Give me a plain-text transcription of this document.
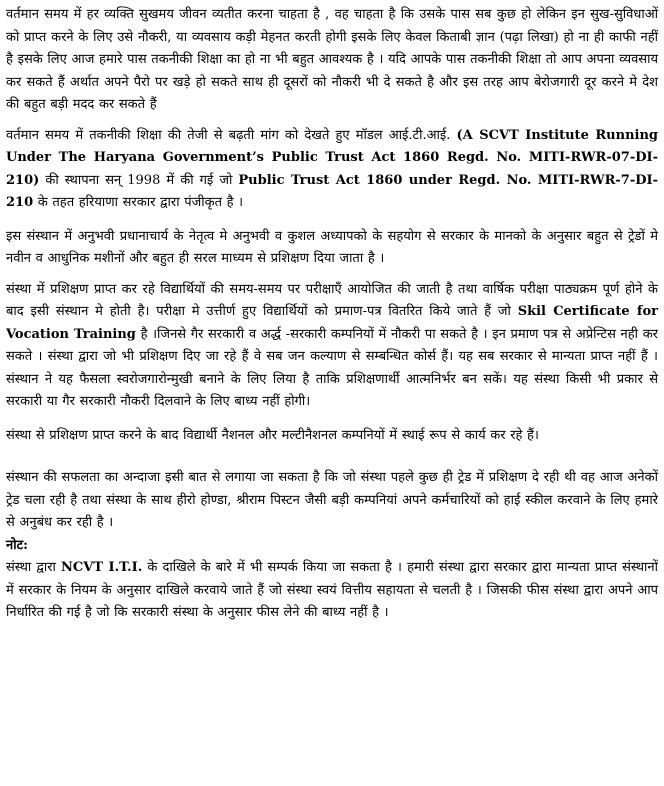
वर्तमान समय में हर व्यक्ति सुखमय जीवन व्यतीत करना चाहता है , वह चाहता है कि उसके पास सब कुछ हो लेकिन इन सुख-सुविधाओं को प्राप्त करने के लिए उसे नौकरी, या व्यवसाय कड़ी मेहनत करती होगी इसके लिए केवल किताबी ज्ञान (पढ़ा लिखा) हो ना ही काफी नहीं है इसके लिए आज हमारे पास तकनीकी शिक्षा का हो ना भी बहुत आवश्यक है । यदि आपके पास तकनीकी शिक्षा तो आप अपना व्यवसाय कर सकते हैं अर्थात अपने पैरो पर खड़े हो सकते साथ ही दूसरों को नौकरी भी दे सकते है और इस तरह आप बेरोजगारी दूर करने मे देश की बहुत बड़ी मदद कर सकते हैं

वर्तमान समय में तकनीकी शिक्षा की तेजी से बढ़ती मांग को देखते हुए मॉडल आई.टी.आई. (A SCVT Institute Running Under The Haryana Government’s Public Trust Act 1860 Regd. No. MITI-RWR-07-DI- 210) की स्थापना सन् 1998 में की गई जो Public Trust Act 1860 under Regd. No. MITI-RWR-7-DI-210 के तहत हरियाणा सरकार द्वारा पंजीकृत है ।

इस संस्थान में अनुभवी प्रधानाचार्य के नेतृत्व मे अनुभवी व कुशल अध्यापको के सहयोग से सरकार के मानको के अनुसार बहुत से ट्रेडों मे नवीन व आधुनिक मशीनों और बहुत ही सरल माध्यम से प्रशिक्षण दिया जाता है ।

संस्था में प्रशिक्षण प्राप्त कर रहे विद्यार्थियों की समय-समय पर परीक्षाएँ आयोजित की जाती है तथा वार्षिक परीक्षा पाठ्यक्रम पूर्ण होने के बाद इसी संस्थान मे होती है। परीक्षा मे उत्तीर्ण हुए विद्यार्थियों को प्रमाण-पत्र वितरित किये जाते हैं जो Skil Certificate for Vocation Training है ।जिनसे गैर सरकारी व अर्द्ध -सरकारी कम्पनियों में नौकरी पा सकते है । इन प्रमाण पत्र से अप्रेन्टिस नही कर सकते । संस्था द्वारा जो भी प्रशिक्षण दिए जा रहे हैं वे सब जन कल्याण से सम्बन्धित कोर्स हैं। यह सब सरकार से मान्यता प्राप्त नहीं हैं । संस्थान ने यह फैसला स्वरोजगारोन्मुखी बनाने के लिए लिया है ताकि प्रशिक्षणार्थी आत्मनिर्भर बन सकें। यह संस्था किसी भी प्रकार से सरकारी या गैर सरकारी नौकरी दिलवाने के लिए बाध्य नहीं होगी।

संस्था से प्रशिक्षण प्राप्त करने के बाद विद्यार्थी नैशनल और मल्टीनैशनल कम्पनियों में स्थाई रूप से कार्य कर रहे हैं।

संस्थान की सफलता का अन्दाजा इसी बात से लगाया जा सकता है कि जो संस्था पहले कुछ ही ट्रेड में प्रशिक्षण दे रही थी वह आज अनेकों ट्रेड चला रही है तथा संस्था के साथ हीरो होण्डा, श्रीराम पिस्टन जैसी बड़ी कम्पनियां अपने कर्मचारियों को हाई स्कील करवाने के लिए हमारे से अनुबंध कर रही है ।

नोट:

संस्था द्वारा NCVT I.T.I. के दाखिले के बारे में भी सम्पर्क किया जा सकता है । हमारी संस्था द्वारा सरकार द्वारा मान्यता प्राप्त संस्थानों में सरकार के नियम के अनुसार दाखिले करवाये जाते हैं जो संस्था स्वयं वित्तीय सहायता से चलती है । जिसकी फीस संस्था द्वारा अपने आप निर्धारित की गई है जो कि सरकारी संस्था के अनुसार फीस लेने की बाध्य नहीं है ।
